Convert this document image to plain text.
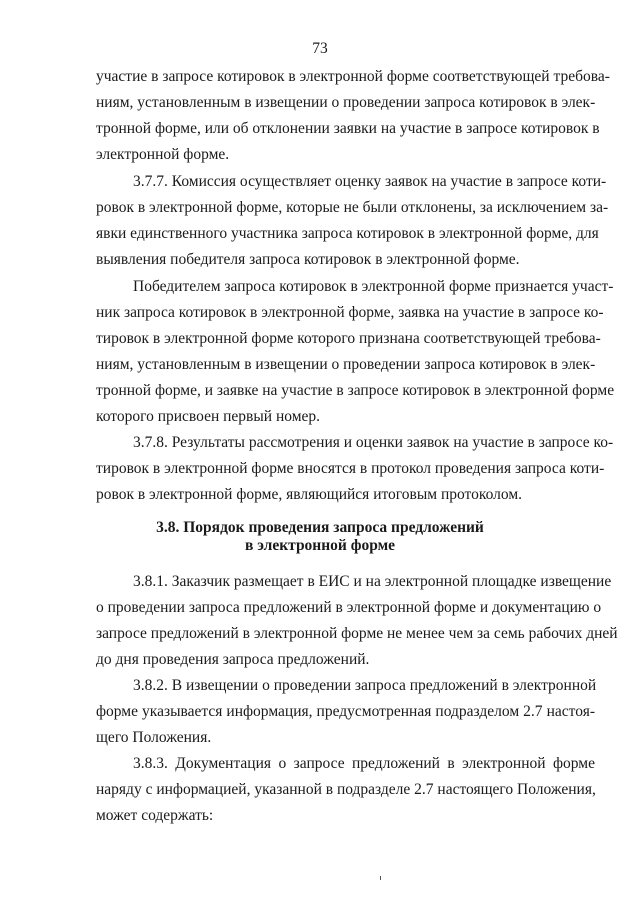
73
участие в запросе котировок в электронной форме соответствующей требова-
ниям, установленным в извещении о проведении запроса котировок в элек-
тронной форме, или об отклонении заявки на участие в запросе котировок в
электронной форме.
3.7.7. Комиссия осуществляет оценку заявок на участие в запросе коти-
ровок в электронной форме, которые не были отклонены, за исключением за-
явки единственного участника запроса котировок в электронной форме, для
выявления победителя запроса котировок в электронной форме.
Победителем запроса котировок в электронной форме признается участ-
ник запроса котировок в электронной форме, заявка на участие в запросе ко-
тировок в электронной форме которого признана соответствующей требова-
ниям, установленным в извещении о проведении запроса котировок в элек-
тронной форме, и заявке на участие в запросе котировок в электронной форме
которого присвоен первый номер.
3.7.8. Результаты рассмотрения и оценки заявок на участие в запросе ко-
тировок в электронной форме вносятся в протокол проведения запроса коти-
ровок в электронной форме, являющийся итоговым протоколом.
3.8. Порядок проведения запроса предложений
в электронной форме
3.8.1. Заказчик размещает в ЕИС и на электронной площадке извещение
о проведении запроса предложений в электронной форме и документацию о
запросе предложений в электронной форме не менее чем за семь рабочих дней
до дня проведения запроса предложений.
3.8.2. В извещении о проведении запроса предложений в электронной
форме указывается информация, предусмотренная подразделом 2.7 настоя-
щего Положения.
3.8.3. Документация о запросе предложений в электронной форме
наряду с информацией, указанной в подразделе 2.7 настоящего Положения,
может содержать:
